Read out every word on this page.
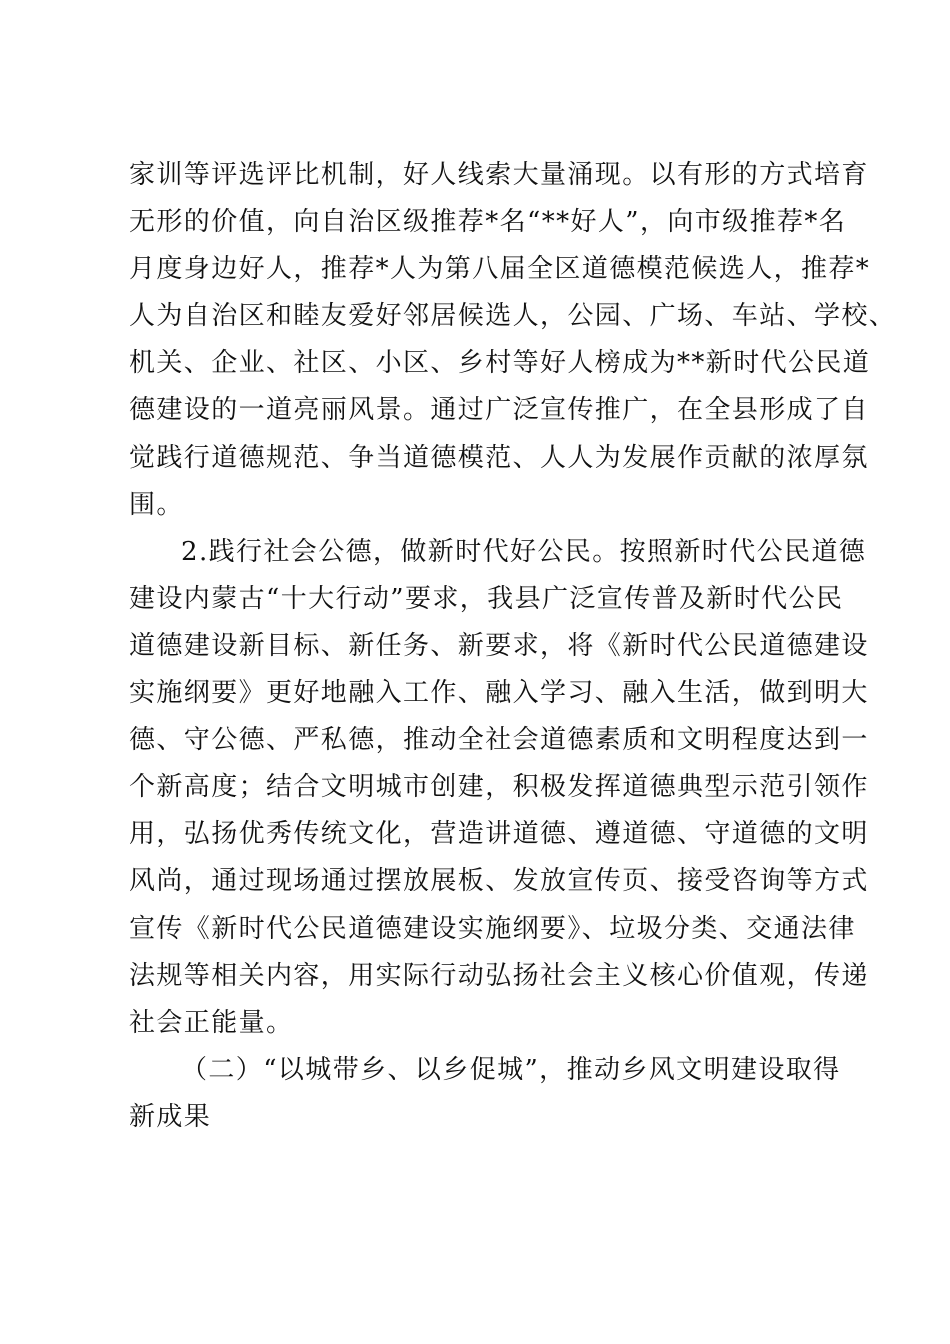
家训等评选评比机制，好人线索大量涌现。以有形的方式培育
无形的价值，向自治区级推荐*名“**好人”，向市级推荐*名
月度身边好人，推荐*人为第八届全区道德模范候选人，推荐*
人为自治区和睦友爱好邻居候选人，公园、广场、车站、学校、
机关、企业、社区、小区、乡村等好人榜成为**新时代公民道
德建设的一道亮丽风景。通过广泛宣传推广，在全县形成了自
觉践行道德规范、争当道德模范、人人为发展作贡献的浓厚氛
围。
2.践行社会公德，做新时代好公民。按照新时代公民道德
建设内蒙古“十大行动”要求，我县广泛宣传普及新时代公民
道德建设新目标、新任务、新要求，将《新时代公民道德建设
实施纲要》更好地融入工作、融入学习、融入生活，做到明大
德、守公德、严私德，推动全社会道德素质和文明程度达到一
个新高度；结合文明城市创建，积极发挥道德典型示范引领作
用，弘扬优秀传统文化，营造讲道德、遵道德、守道德的文明
风尚，通过现场通过摆放展板、发放宣传页、接受咨询等方式
宣传《新时代公民道德建设实施纲要》、垃圾分类、交通法律
法规等相关内容，用实际行动弘扬社会主义核心价值观，传递
社会正能量。
（二）“以城带乡、以乡促城”，推动乡风文明建设取得
新成果
